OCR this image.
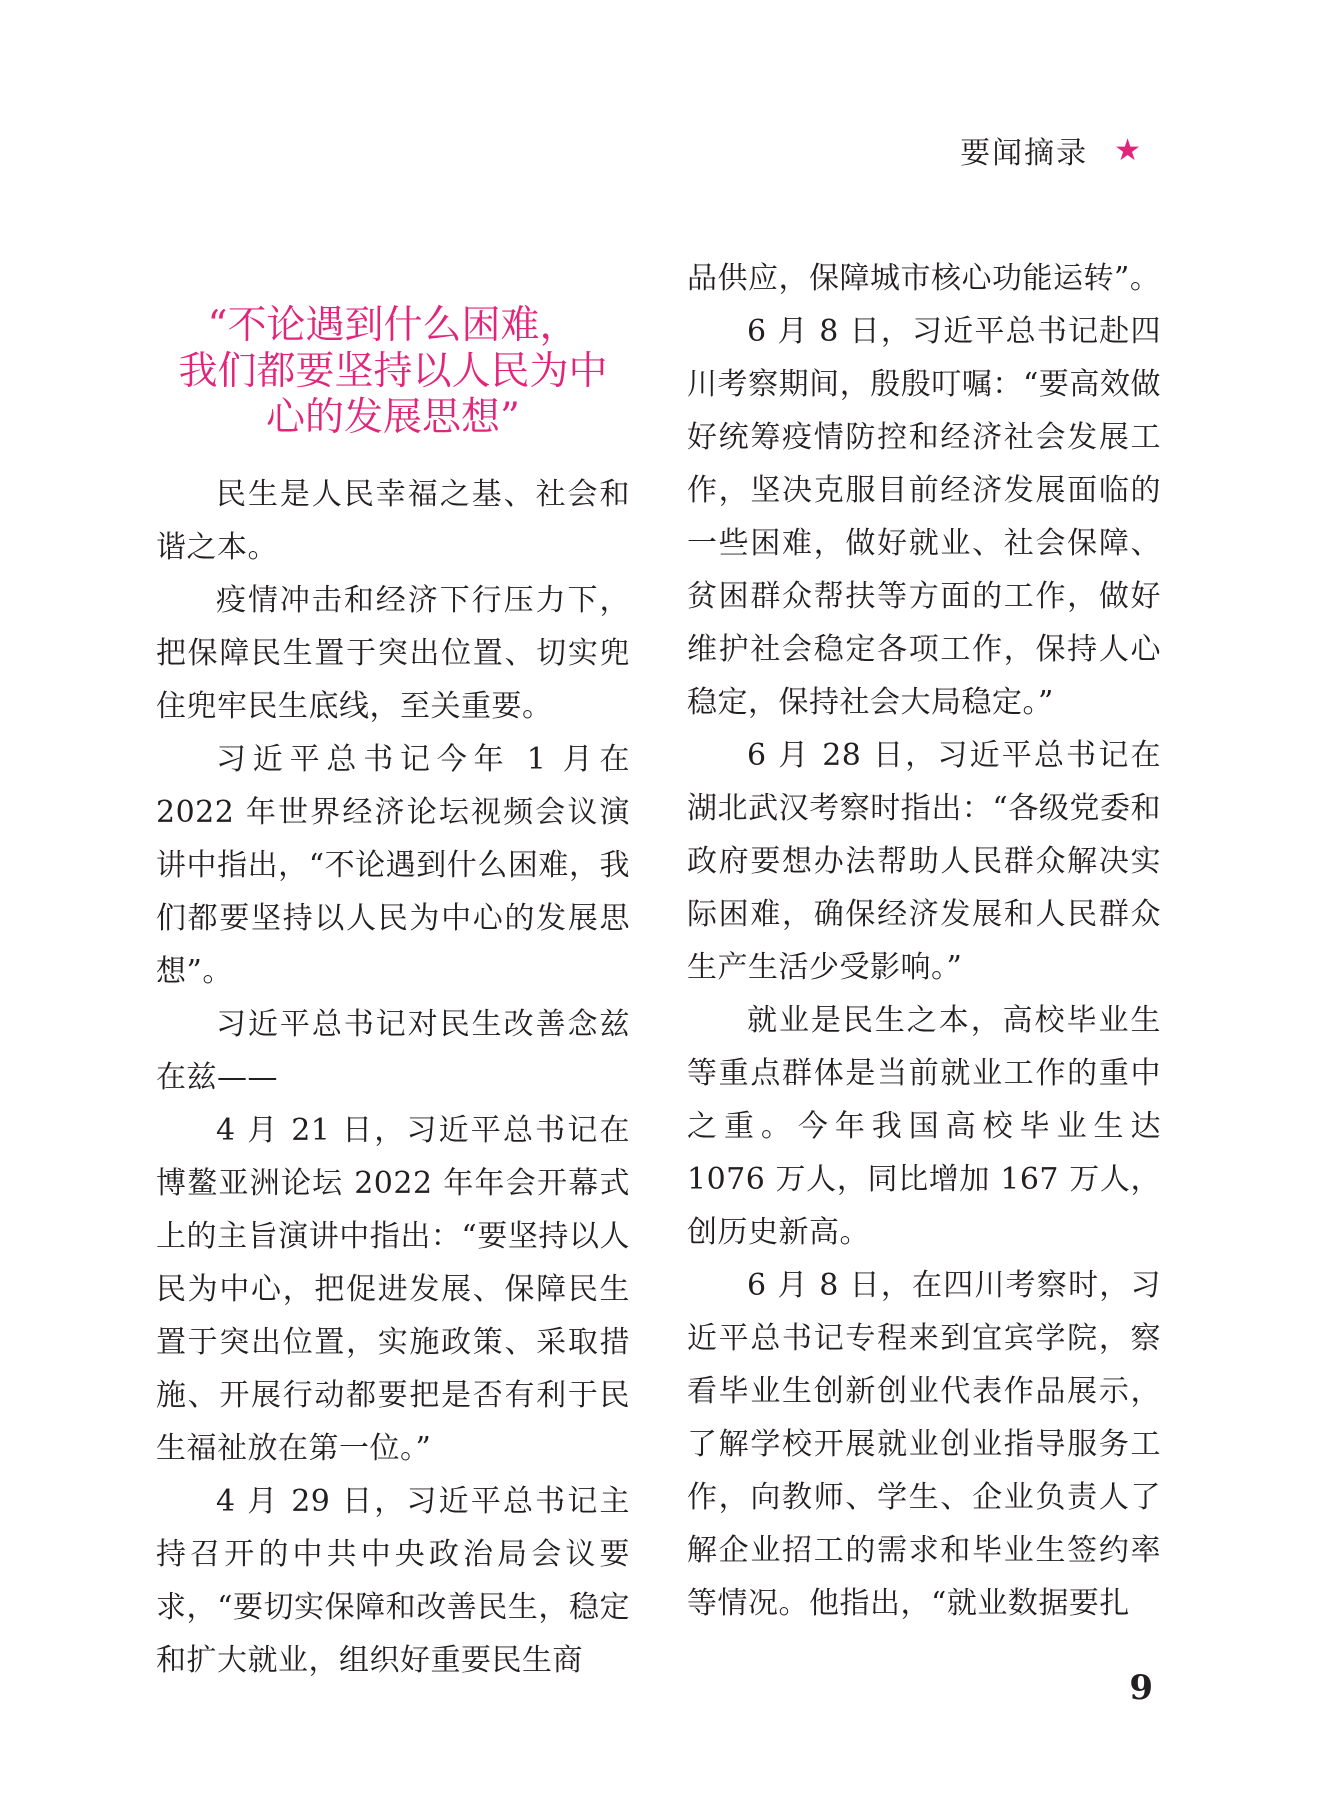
要闻摘录 ★
“不论遇到什么困难，
我们都要坚持以人民为中
心的发展思想”

民生是人民幸福之基、社会和谐之本。

疫情冲击和经济下行压力下，把保障民生置于突出位置、切实兜住兜牢民生底线，至关重要。

习近平总书记今年 1 月在 2022 年世界经济论坛视频会议演讲中指出，“不论遇到什么困难，我们都要坚持以人民为中心的发展思想”。

习近平总书记对民生改善念兹在兹——

4 月 21 日，习近平总书记在博鳌亚洲论坛 2022 年年会开幕式上的主旨演讲中指出：“要坚持以人民为中心，把促进发展、保障民生置于突出位置，实施政策、采取措施、开展行动都要把是否有利于民生福祉放在第一位。”

4 月 29 日，习近平总书记主持召开的中共中央政治局会议要求，“要切实保障和改善民生，稳定和扩大就业，组织好重要民生商

品供应，保障城市核心功能运转”。

6 月 8 日，习近平总书记赴四川考察期间，殷殷叮嘱：“要高效做好统筹疫情防控和经济社会发展工作，坚决克服目前经济发展面临的一些困难，做好就业、社会保障、贫困群众帮扶等方面的工作，做好维护社会稳定各项工作，保持人心稳定，保持社会大局稳定。”

6 月 28 日，习近平总书记在湖北武汉考察时指出：“各级党委和政府要想办法帮助人民群众解决实际困难，确保经济发展和人民群众生产生活少受影响。”

就业是民生之本，高校毕业生等重点群体是当前就业工作的重中之重。今年我国高校毕业生达 1076 万人，同比增加 167 万人，创历史新高。

6 月 8 日，在四川考察时，习近平总书记专程来到宜宾学院，察看毕业生创新创业代表作品展示，了解学校开展就业创业指导服务工作，向教师、学生、企业负责人了解企业招工的需求和毕业生签约率等情况。他指出，“就业数据要扎

9
